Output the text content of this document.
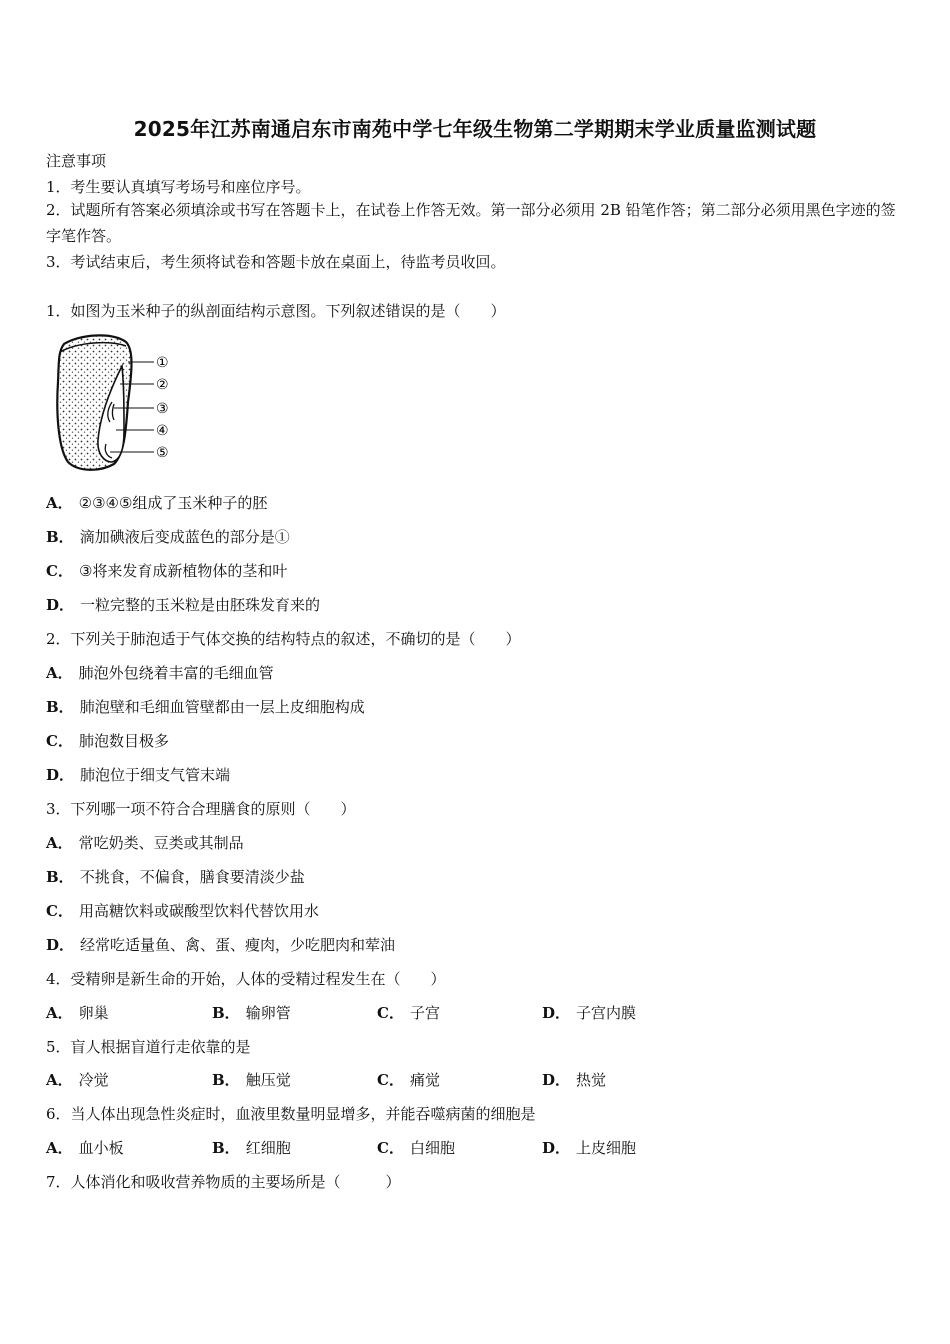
2025年江苏南通启东市南苑中学七年级生物第二学期期末学业质量监测试题
注意事项
1．考生要认真填写考场号和座位序号。
2．试题所有答案必须填涂或书写在答题卡上，在试卷上作答无效。第一部分必须用 2B 铅笔作答；第二部分必须用黑色字迹的签字笔作答。
3．考试结束后，考生须将试卷和答题卡放在桌面上，待监考员收回。
1．如图为玉米种子的纵剖面结构示意图。下列叙述错误的是（　　）
①
②
③
④
⑤
A． ②③④⑤组成了玉米种子的胚
B． 滴加碘液后变成蓝色的部分是①
C． ③将来发育成新植物体的茎和叶
D． 一粒完整的玉米粒是由胚珠发育来的
2．下列关于肺泡适于气体交换的结构特点的叙述，不确切的是（　　）
A． 肺泡外包绕着丰富的毛细血管
B． 肺泡壁和毛细血管壁都由一层上皮细胞构成
C． 肺泡数目极多
D． 肺泡位于细支气管末端
3．下列哪一项不符合合理膳食的原则（　　）
A． 常吃奶类、豆类或其制品
B． 不挑食，不偏食，膳食要清淡少盐
C． 用高糖饮料或碳酸型饮料代替饮用水
D． 经常吃适量鱼、禽、蛋、瘦肉，少吃肥肉和荤油
4．受精卵是新生命的开始，人体的受精过程发生在（　　）
A． 卵巢	B． 输卵管	C． 子宫	D． 子宫内膜
5．盲人根据盲道行走依靠的是
A． 冷觉	B． 触压觉	C． 痛觉	D． 热觉
6．当人体出现急性炎症时，血液里数量明显增多，并能吞噬病菌的细胞是
A． 血小板	B． 红细胞	C． 白细胞	D． 上皮细胞
7．人体消化和吸收营养物质的主要场所是（　　　）
